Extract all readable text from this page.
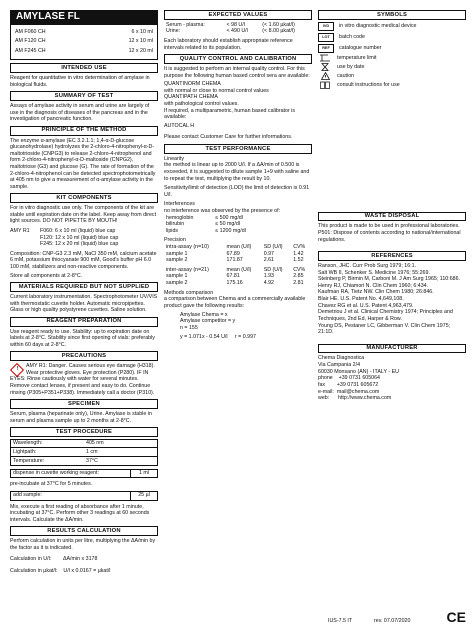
AMYLASE FL
AM F060 CH	6 x 10 ml
AM F120 CH	12 x 10 ml
AM F245 CH	12 x 20 ml
INTENDED USE

Reagent for quantitative in vitro determination of amylase in biological fluids.

SUMMARY OF TEST

Assays of amylase activity in serum and urine are largely of use in the diagnosis of diseases of the pancreas and in the investigation of pancreatic function.

PRINCIPLE OF THE METHOD

The enzyme α-amylase (EC 3.2.1.1; 1,4-α-D-glucose glucanohydrolase) hydrolyzes the 2-chloro-4-nitrophenyl-α-D-maltotrioside (CNPG3) to release 2-chloro-4-nitrophenol and form 2-chloro-4-nitrophenyl-α-D-maltoside (CNPG2), maltotriose (G3) and glucose (G). The rate of formation of the 2-chloro-4-nitrophenol can be detected spectrophotometrically at 405 nm to give a measurement of α-amylase activity in the sample.

KIT COMPONENTS

For in vitro diagnostic use only. The components of the kit are stable until expiration date on the label. Keep away from direct light sources. DO NOT PIPETTE BY MOUTH!

AMY R1	F060: 6 x 10 ml (liquid) blue cap
F120: 12 x 10 ml (liquid) blue cap
F245: 12 x 20 ml (liquid) blue cap

Composition: CNP-G3 2.3 mM, NaCl 350 mM, calcium acetate 6 mM, potassium thiocyanate 900 mM, Good's buffer pH 6.0 100 mM, stabilizers and non-reactive components.

Store all components at 2-8°C.

MATERIALS REQUIRED BUT NOT SUPPLIED

Current laboratory instrumentation. Spectrophotometer UV/VIS with thermostatic cuvette holder. Automatic micropipettes. Glass or high quality polystyrene cuvettes. Saline solution.

REAGENT PREPARATION

Use reagent ready to use. Stability: up to expiration date on labels at 2-8°C. Stability since first opening of vials: preferably within 60 days at 2-8°C.

PRECAUTIONS

! AMY R1: Danger. Causes serious eye damage (H318). Wear protective gloves. Eye protection (P280). IF IN EYES: Rinse cautiously with water for several minutes. Remove contact lenses, if present and easy to do. Continue rinsing (P305+P351+P338). Immediately call a doctor (P310).

SPECIMEN

Serum, plasma (heparinate only), Urine. Amylase is stable in serum and plasma sample up to 2 months at 2-8°C.

TEST PROCEDURE
Wavelength:	405 nm
Lightpath:	1 cm
Temperature:	37°C
dispense in cuvette working reagent:	1 ml

pre-incubate at 37°C for 5 minutes.

add sample:	25 µl

Mix, execute a first reading of absorbance after 1 minute, incubating at 37°C. Perform other 3 readings at 60 seconds intervals. Calculate the ΔA/min.

RESULTS CALCULATION

Perform calculation in units per litre, multiplying the ΔA/min by the factor as it is indicated.

Calculation in U/l:        ΔA/min x 3178

Calculation in µkat/l:    U/l x 0.0167 = µkat/l

EXPECTED VALUES
Serum - plasma:	< 98 U/l	(< 1.60 µkat/l)
Urine:	< 490 U/l	(< 8.00 µkat/l)

Each laboratory should establish appropriate reference intervals related to its population.

QUALITY CONTROL AND CALIBRATION

It is suggested to perform an internal quality control. For this purpose the following human based control sera are available:

QUANTINORM CHEMA
with normal or close to normal control values
QUANTIPATH CHEMA
with pathological control values.

If required, a multiparametric, human based calibrator is available:

AUTOCAL H

Please contact Customer Care for further informations.

TEST PERFORMANCE
Linearity

the method is linear up to 2000 U/l. If a ΔA/min of 0.500 is exceeded, it is suggested to dilute sample 1+9 with saline and to repeat the test, multiplying the result by 10.

Sensitivity/limit of detection (LOD) the limit of detection is 0.91 U/l.

Interferences
no interference was observed by the presence of:
hemoglobin	≤ 500 mg/dl
bilirubin	≤ 50 mg/dl
lipids	≤ 1200 mg/dl
Precision
intra-assay (n=10)	mean (U/l)	SD (U/l)	CV%
sample 1	67.89	0.97	1.42
sample 2	171.87	2.61	1.52
inter-assay (n=21)	mean (U/l)	SD (U/l)	CV%
sample 1	67.81	1.93	2.85
sample 2	175.16	4.92	2.81
Methods comparison

a comparison between Chema and a commercially available product gave the following results:

Amylase Chema = x
Amylase competitor = y
n = 155
y = 1.071x - 0.54 U/l     r = 0.997
SYMBOLS
IVD	in vitro diagnostic medical device
LOT	batch code
REF	catalogue number
temperature limit
use by date
caution
consult instructions for use
WASTE DISPOSAL

This product is made to be used in professional laboratories. P501: Dispose of contents according to national/international regulations.

REFERENCES
Ranson, JHC. Curr Prob Surg 1979; 16:1.
Salt WB II, Schenker S. Medicine 1976; 55:269.
Steinberg P, Birmin M, Carboni M. J Am Surg 1965; 110:686.
Henry RJ, Chiamori N. Clin Chem 1960; 6:434.
Kaufman RA, Tietz NW. Clin Chem 1980; 26:846.
Blair HE. U.S. Patent No. 4,649,108.
Chavez RG et al. U.S. Patent 4,963,479.
Demetriou J et al. Clinical Chemistry 1974; Principles and Techniques, 2nd Ed, Harper & Row.
Young DS, Pestaner LC, Gibberman V. Clin Chem 1975; 21:1D.
MANUFACTURER
Chema Diagnostica
Via Campania 2/4
60030 Monsano (AN) - ITALY - EU
phone    +39 0731 605064
fax        +39 0731 605672
e-mail:  mail@chema.com
web:      http://www.chema.com
IUS-7.5 IT	rev. 07.07/2020	CE
